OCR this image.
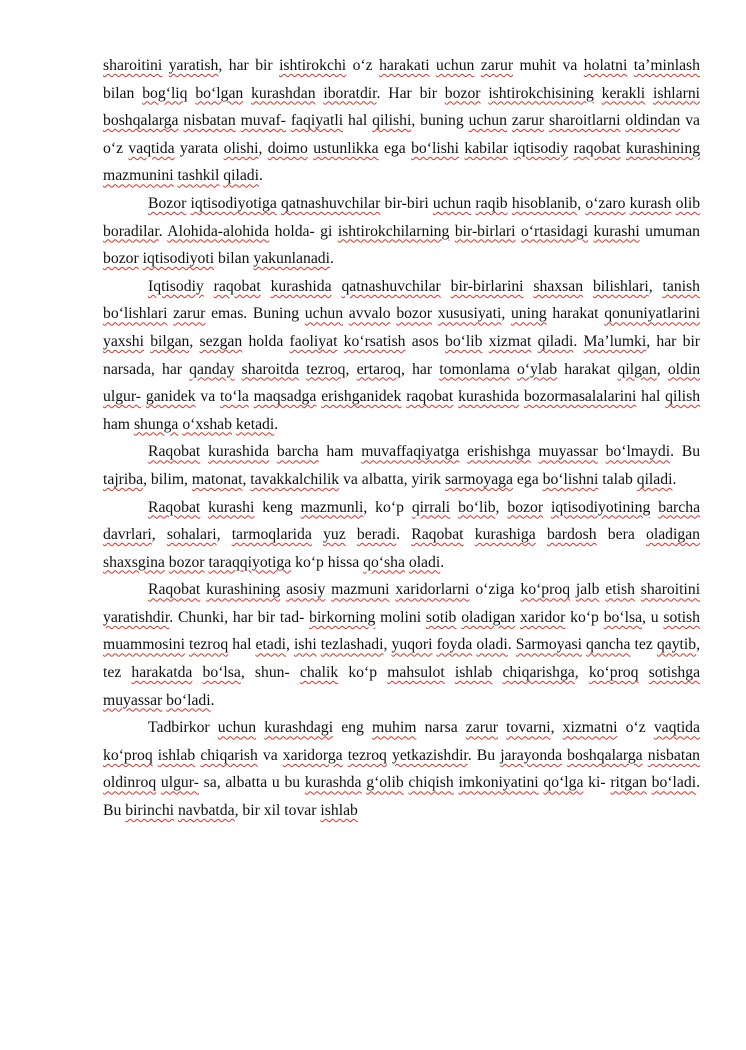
sharoitini yaratish, har bir ishtirokchi o‘z harakati uchun zarur muhit va holatni ta’minlash bilan bog‘liq bo‘lgan kurashdan iboratdir. Har bir bozor ishtirokchisining kerakli ishlarni boshqalarga nisbatan muvaf- faqiyatli hal qilishi, buning uchun zarur sharoitlarni oldindan va o‘z vaqtida yarata olishi, doimo ustunlikka ega bo‘lishi kabilar iqtisodiy raqobat kurashining mazmunini tashkil qiladi.

Bozor iqtisodiyotiga qatnashuvchilar bir-biri uchun raqib hisoblanib, o‘zaro kurash olib boradilar. Alohida-alohida holda- gi ishtirokchilarning bir-birlari o‘rtasidagi kurashi umuman bozor iqtisodiyoti bilan yakunlanadi.

Iqtisodiy raqobat kurashida qatnashuvchilar bir-birlarini shaxsan bilishlari, tanish bo‘lishlari zarur emas. Buning uchun avvalo bozor xususiyati, uning harakat qonuniyatlarini yaxshi bilgan, sezgan holda faoliyat ko‘rsatish asos bo‘lib xizmat qiladi. Ma’lumki, har bir narsada, har qanday sharoitda tezroq, ertaroq, har tomonlama o‘ylab harakat qilgan, oldin ulgur- ganidek va to‘la maqsadga erishganidek raqobat kurashida bozormasalalarini hal qilish ham shunga o‘xshab ketadi.

Raqobat kurashida barcha ham muvaffaqiyatga erishishga muyassar bo‘lmaydi. Bu tajriba, bilim, matonat, tavakkalchilik va albatta, yirik sarmoyaga ega bo‘lishni talab qiladi.

Raqobat kurashi keng mazmunli, ko‘p qirrali bo‘lib, bozor iqtisodiyotining barcha davrlari, sohalari, tarmoqlarida yuz beradi. Raqobat kurashiga bardosh bera oladigan shaxsgina bozor taraqqiyotiga ko‘p hissa qo‘sha oladi.

Raqobat kurashining asosiy mazmuni xaridorlarni o‘ziga ko‘proq jalb etish sharoitini yaratishdir. Chunki, har bir tad- birkorning molini sotib oladigan xaridor ko‘p bo‘lsa, u sotish muammosini tezroq hal etadi, ishi tezlashadi, yuqori foyda oladi. Sarmoyasi qancha tez qaytib, tez harakatda bo‘lsa, shun- chalik ko‘p mahsulot ishlab chiqarishga, ko‘proq sotishga muyassar bo‘ladi.

Tadbirkor uchun kurashdagi eng muhim narsa zarur tovarni, xizmatni o‘z vaqtida ko‘proq ishlab chiqarish va xaridorga tezroq yetkazishdir. Bu jarayonda boshqalarga nisbatan oldinroq ulgur- sa, albatta u bu kurashda g‘olib chiqish imkoniyatini qo‘lga ki- ritgan bo‘ladi. Bu birinchi navbatda, bir xil tovar ishlab
